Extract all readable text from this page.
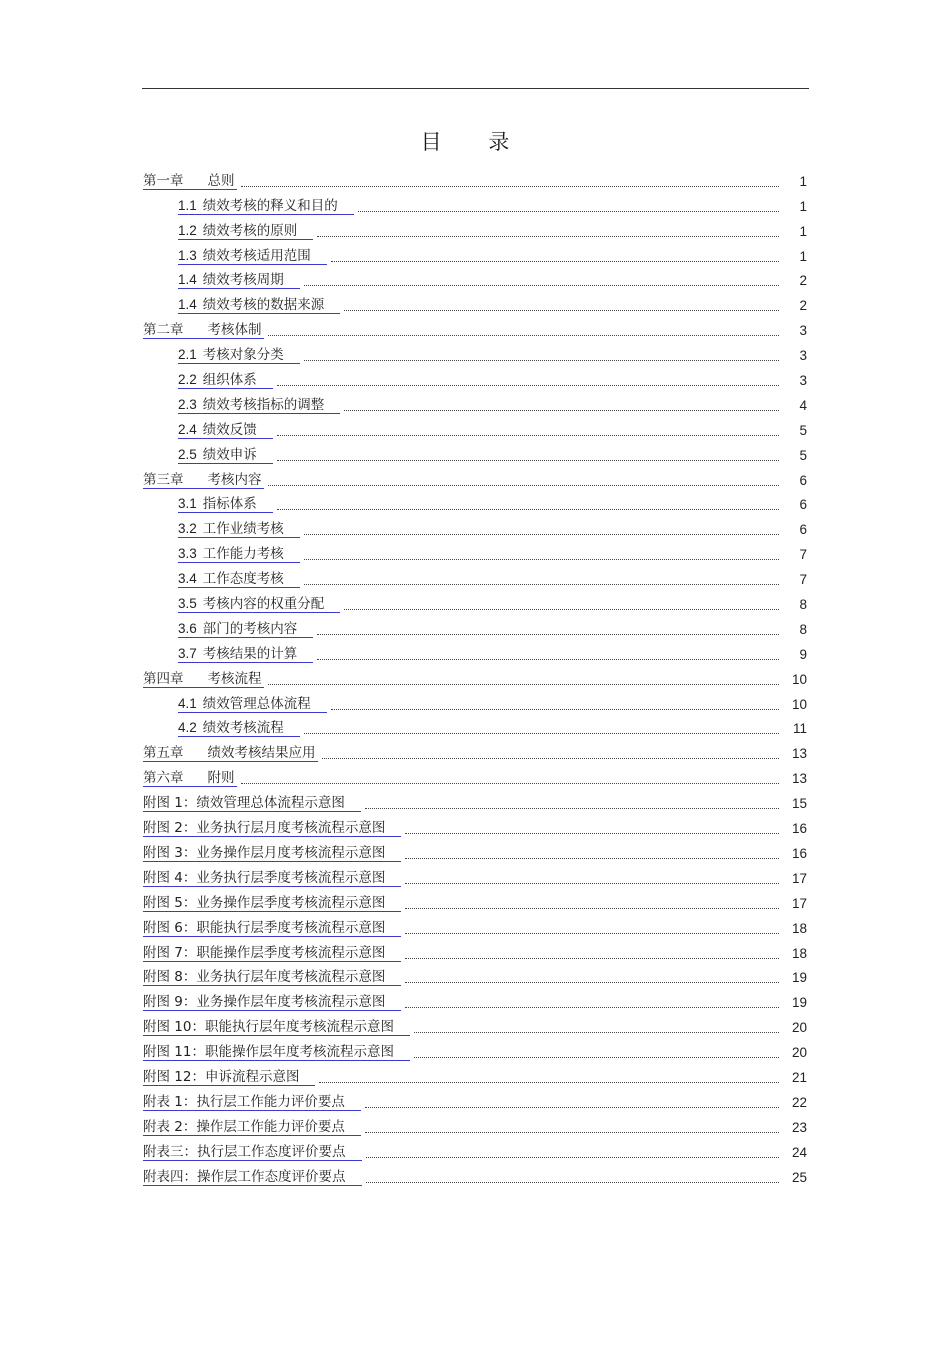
目 录
第一章 总则	1
1.1 绩效考核的释义和目的	1
1.2 绩效考核的原则	1
1.3 绩效考核适用范围	1
1.4 绩效考核周期	2
1.4 绩效考核的数据来源	2
第二章 考核体制	3
2.1 考核对象分类	3
2.2 组织体系	3
2.3 绩效考核指标的调整	4
2.4 绩效反馈	5
2.5 绩效申诉	5
第三章 考核内容	6
3.1 指标体系	6
3.2 工作业绩考核	6
3.3 工作能力考核	7
3.4 工作态度考核	7
3.5 考核内容的权重分配	8
3.6 部门的考核内容	8
3.7 考核结果的计算	9
第四章 考核流程	10
4.1 绩效管理总体流程	10
4.2 绩效考核流程	11
第五章 绩效考核结果应用	13
第六章 附则	13
附图 1：绩效管理总体流程示意图	15
附图 2：业务执行层月度考核流程示意图	16
附图 3：业务操作层月度考核流程示意图	16
附图 4：业务执行层季度考核流程示意图	17
附图 5：业务操作层季度考核流程示意图	17
附图 6：职能执行层季度考核流程示意图	18
附图 7：职能操作层季度考核流程示意图	18
附图 8：业务执行层年度考核流程示意图	19
附图 9：业务操作层年度考核流程示意图	19
附图 10：职能执行层年度考核流程示意图	20
附图 11：职能操作层年度考核流程示意图	20
附图 12：申诉流程示意图	21
附表 1：执行层工作能力评价要点	22
附表 2：操作层工作能力评价要点	23
附表三：执行层工作态度评价要点	24
附表四：操作层工作态度评价要点	25
